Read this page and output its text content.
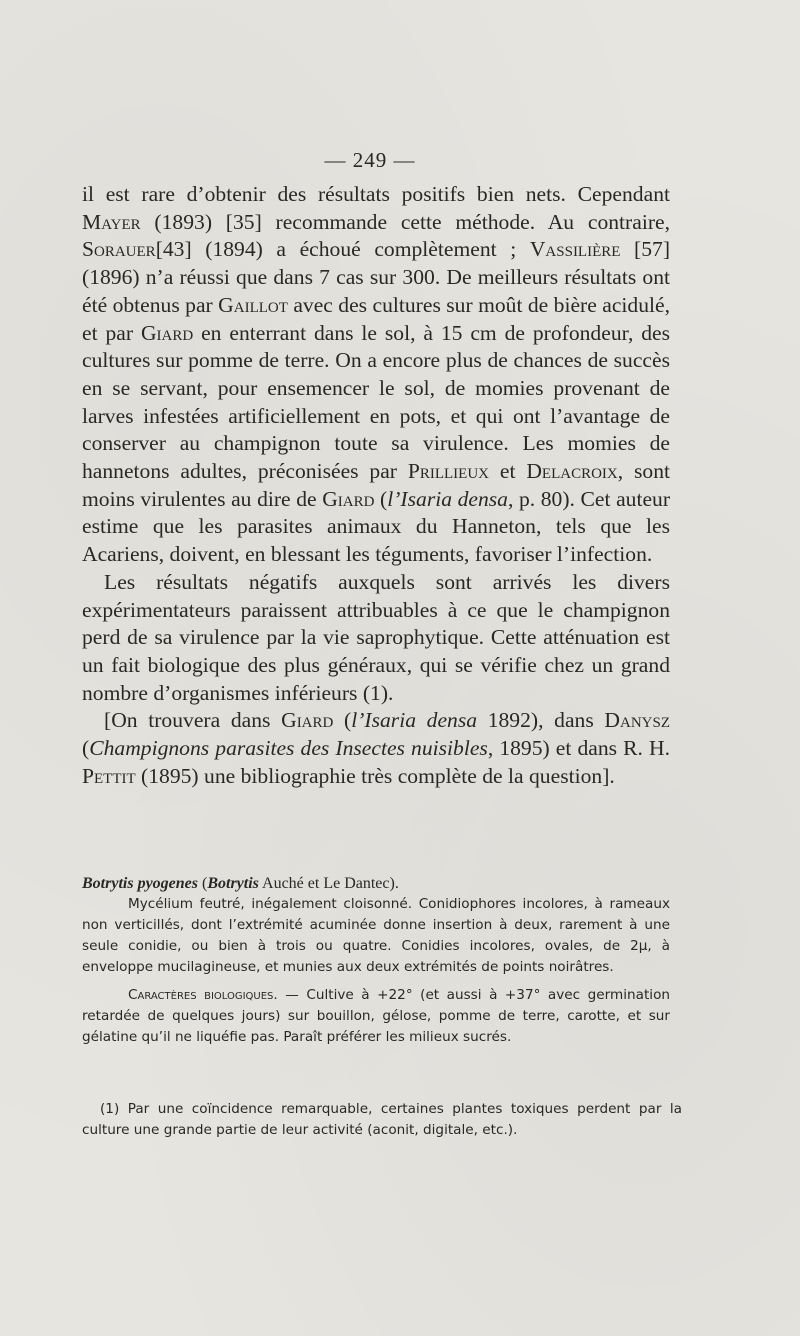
— 249 —

il est rare d’obtenir des résultats positifs bien nets. Cependant Mayer (1893) [35] recommande cette méthode. Au contraire, Sorauer[43] (1894) a échoué complètement ; Vassilière [57] (1896) n’a réussi que dans 7 cas sur 300. De meilleurs résultats ont été obtenus par Gaillot avec des cultures sur moût de bière acidulé, et par Giard en enterrant dans le sol, à 15 cm de profondeur, des cultures sur pomme de terre. On a encore plus de chances de succès en se servant, pour ensemencer le sol, de momies provenant de larves infestées artificiellement en pots, et qui ont l’avantage de conserver au champignon toute sa virulence. Les momies de hannetons adultes, préconisées par Prillieux et Delacroix, sont moins virulentes au dire de Giard (l’Isaria densa, p. 80). Cet auteur estime que les parasites animaux du Hanneton, tels que les Acariens, doivent, en blessant les téguments, favoriser l’infection.

Les résultats négatifs auxquels sont arrivés les divers expérimentateurs paraissent attribuables à ce que le champignon perd de sa virulence par la vie saprophytique. Cette atténuation est un fait biologique des plus généraux, qui se vérifie chez un grand nombre d’organismes inférieurs (1).

[On trouvera dans Giard (l’Isaria densa 1892), dans Danysz (Champignons parasites des Insectes nuisibles, 1895) et dans R. H. Pettit (1895) une bibliographie très complète de la question].

Botrytis pyogenes (Botrytis Auché et Le Dantec).

Mycélium feutré, inégalement cloisonné. Conidiophores incolores, à rameaux non verticillés, dont l’extrémité acuminée donne insertion à deux, rarement à une seule conidie, ou bien à trois ou quatre. Conidies incolores, ovales, de 2µ, à enveloppe mucilagineuse, et munies aux deux extrémités de points noirâtres.

Caractères biologiques. — Cultive à +22° (et aussi à +37° avec germination retardée de quelques jours) sur bouillon, gélose, pomme de terre, carotte, et sur gélatine qu’il ne liquéfie pas. Paraît préférer les milieux sucrés.

(1) Par une coïncidence remarquable, certaines plantes toxiques perdent par la culture une grande partie de leur activité (aconit, digitale, etc.).
